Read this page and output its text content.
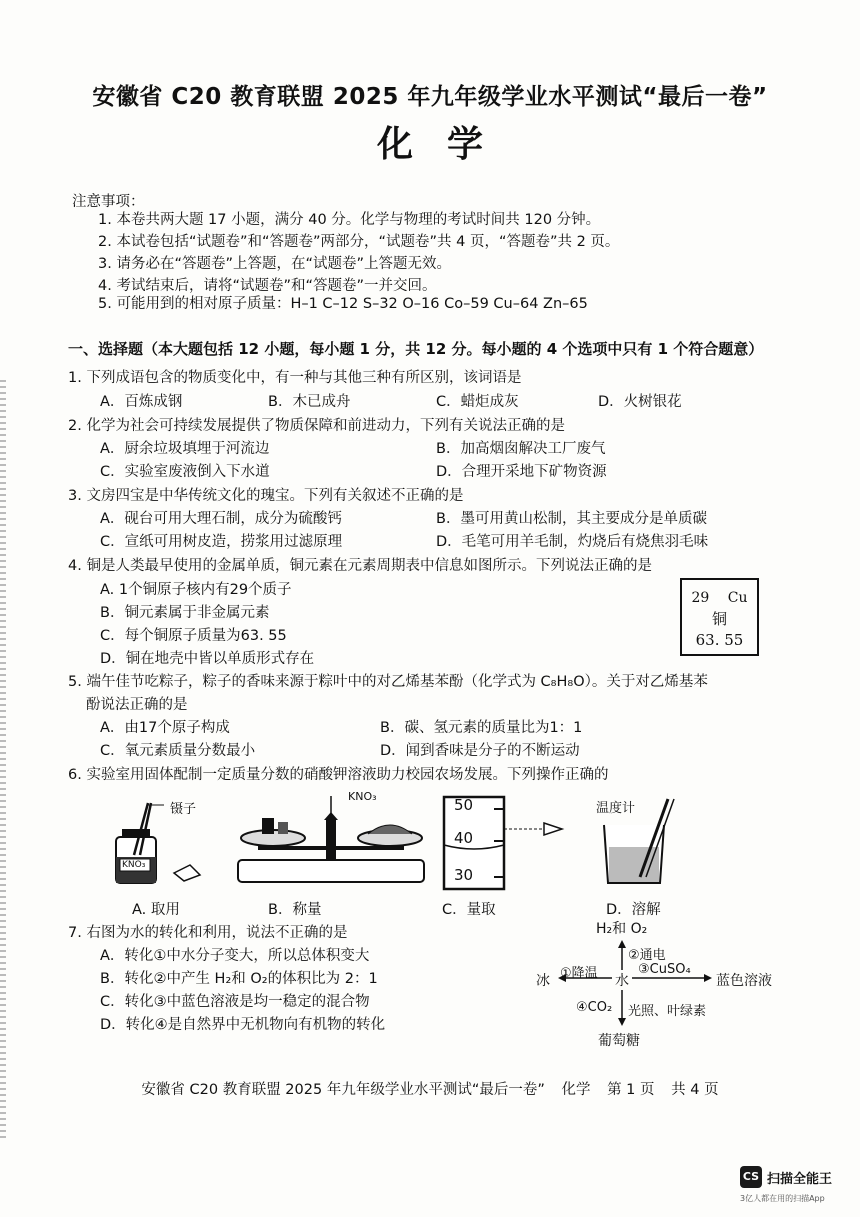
安徽省 C20 教育联盟 2025 年九年级学业水平测试“最后一卷”
化学
注意事项：
1. 本卷共两大题 17 小题，满分 40 分。化学与物理的考试时间共 120 分钟。
2. 本试卷包括“试题卷”和“答题卷”两部分，“试题卷”共 4 页，“答题卷”共 2 页。
3. 请务必在“答题卷”上答题，在“试题卷”上答题无效。
4. 考试结束后，请将“试题卷”和“答题卷”一并交回。
5. 可能用到的相对原子质量：H–1 C–12 S–32 O–16 Co–59 Cu–64 Zn–65
一、选择题（本大题包括 12 小题，每小题 1 分，共 12 分。每小题的 4 个选项中只有 1 个符合题意）
1. 下列成语包含的物质变化中，有一种与其他三种有所区别，该词语是
A．百炼成钢	B．木已成舟	C．蜡炬成灰	D．火树银花
2. 化学为社会可持续发展提供了物质保障和前进动力，下列有关说法正确的是
A．厨余垃圾填埋于河流边	B．加高烟囱解决工厂废气
C．实验室废液倒入下水道	D．合理开采地下矿物资源
3. 文房四宝是中华传统文化的瑰宝。下列有关叙述不正确的是
A．砚台可用大理石制，成分为硫酸钙	B．墨可用黄山松制，其主要成分是单质碳
C．宣纸可用树皮造，捞浆用过滤原理	D．毛笔可用羊毛制，灼烧后有烧焦羽毛味
4. 铜是人类最早使用的金属单质，铜元素在元素周期表中信息如图所示。下列说法正确的是
A. 1个铜原子核内有29个质子
B．铜元素属于非金属元素
C．每个铜原子质量为63. 55
D．铜在地壳中皆以单质形式存在
29 Cu
铜
63. 55
5. 端午佳节吃粽子，粽子的香味来源于粽叶中的对乙烯基苯酚（化学式为 C₈H₈O）。关于对乙烯基苯
酚说法正确的是
A．由17个原子构成	B．碳、氢元素的质量比为1：1
C．氧元素质量分数最小	D．闻到香味是分子的不断运动
6. 实验室用固体配制一定质量分数的硝酸钾溶液助力校园农场发展。下列操作正确的
镊子
KNO₃
KNO₃	50
40
30
温度计
A. 取用	B．称量	C．量取	D．溶解
7. 右图为水的转化和利用，说法不正确的是
A．转化①中水分子变大，所以总体积变大
B．转化②中产生 H₂和 O₂的体积比为 2：1
C．转化③中蓝色溶液是均一稳定的混合物
D．转化④是自然界中无机物向有机物的转化
H₂和 O₂
②通电
冰 ①降温 水
③CuSO₄
蓝色溶液
④CO₂ 光照、叶绿素
葡萄糖
安徽省 C20 教育联盟 2025 年九年级学业水平测试“最后一卷” 化学 第 1 页 共 4 页
CS 扫描全能王
3亿人都在用的扫描App
